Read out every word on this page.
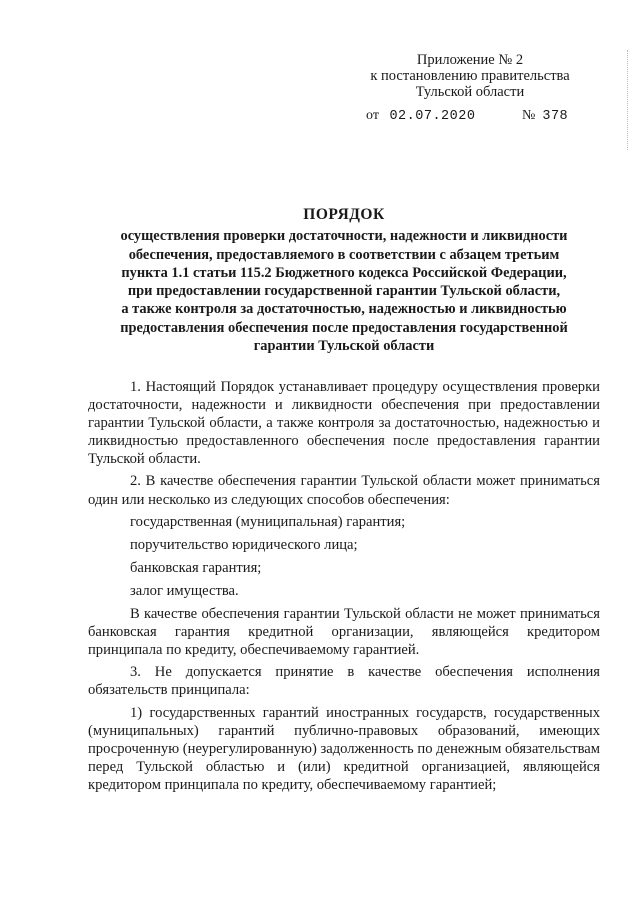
Приложение № 2
к постановлению правительства
Тульской области
от 02.07.2020	№ 378
ПОРЯДОК
осуществления проверки достаточности, надежности и ликвидности
обеспечения, предоставляемого в соответствии с абзацем третьим
пункта 1.1 статьи 115.2 Бюджетного кодекса Российской Федерации,
при предоставлении государственной гарантии Тульской области,
а также контроля за достаточностью, надежностью и ликвидностью
предоставления обеспечения после предоставления государственной
гарантии Тульской области

1. Настоящий Порядок устанавливает процедуру осуществления проверки достаточности, надежности и ликвидности обеспечения при предоставлении гарантии Тульской области, а также контроля за достаточностью, надежностью и ликвидностью предоставленного обеспечения после предоставления гарантии Тульской области.

2. В качестве обеспечения гарантии Тульской области может приниматься один или несколько из следующих способов обеспечения:

государственная (муниципальная) гарантия;

поручительство юридического лица;

банковская гарантия;

залог имущества.

В качестве обеспечения гарантии Тульской области не может приниматься банковская гарантия кредитной организации, являющейся кредитором принципала по кредиту, обеспечиваемому гарантией.

3. Не допускается принятие в качестве обеспечения исполнения обязательств принципала:

1) государственных гарантий иностранных государств, государственных (муниципальных) гарантий публично-правовых образований, имеющих просроченную (неурегулированную) задолженность по денежным обязательствам перед Тульской областью и (или) кредитной организацией, являющейся кредитором принципала по кредиту, обеспечиваемому гарантией;
